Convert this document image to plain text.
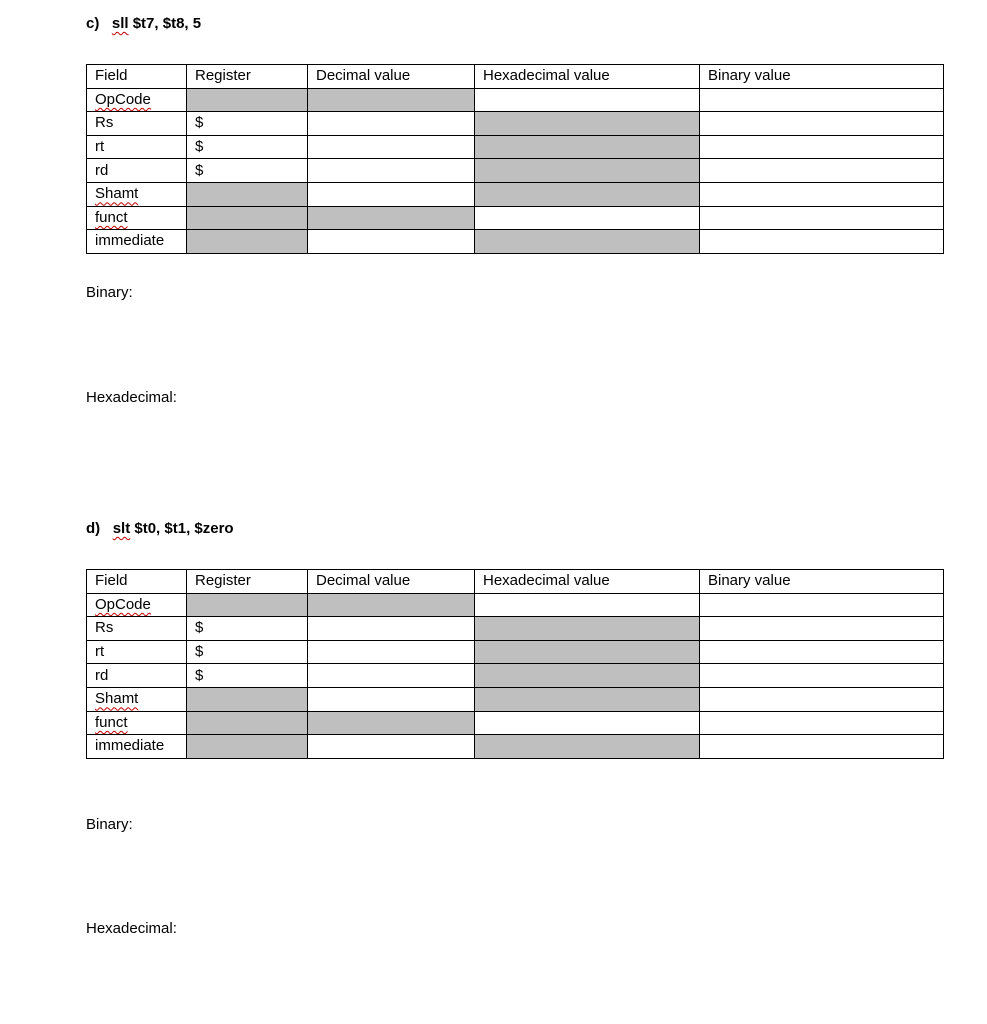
c) sll $t7, $t8, 5
Field	Register	Decimal value	Hexadecimal value	Binary value
OpCode				
Rs	$			
rt	$			
rd	$			
Shamt				
funct				
immediate				
Binary:
Hexadecimal:
d) slt $t0, $t1, $zero
Field	Register	Decimal value	Hexadecimal value	Binary value
OpCode				
Rs	$			
rt	$			
rd	$			
Shamt				
funct				
immediate				
Binary:
Hexadecimal:
